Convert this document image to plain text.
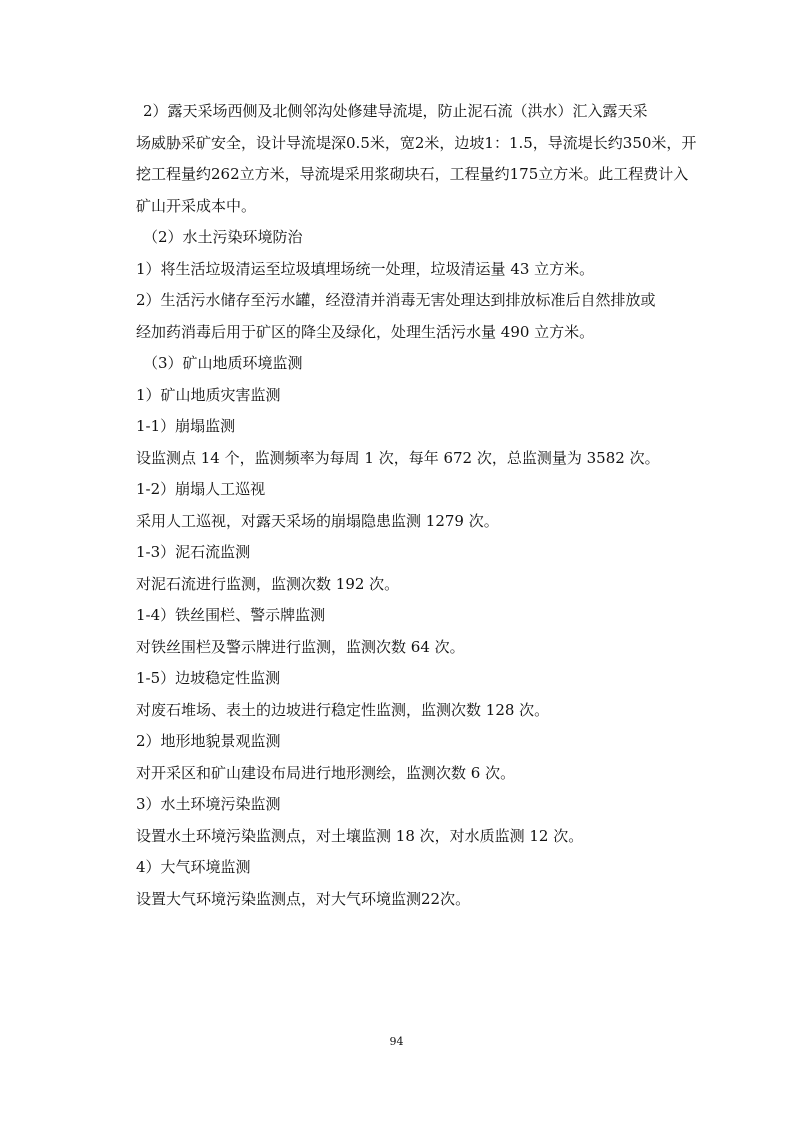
2）露天采场西侧及北侧邻沟处修建导流堤，防止泥石流（洪水）汇入露天采
场威胁采矿安全，设计导流堤深0.5米，宽2米，边坡1：1.5，导流堤长约350米，开
挖工程量约262立方米，导流堤采用浆砌块石，工程量约175立方米。此工程费计入
矿山开采成本中。
（2）水土污染环境防治
1）将生活垃圾清运至垃圾填埋场统一处理，垃圾清运量 43 立方米。
2）生活污水储存至污水罐，经澄清并消毒无害处理达到排放标准后自然排放或
经加药消毒后用于矿区的降尘及绿化，处理生活污水量 490 立方米。
（3）矿山地质环境监测
1）矿山地质灾害监测
1-1）崩塌监测
设监测点 14 个，监测频率为每周 1 次，每年 672 次，总监测量为 3582 次。
1-2）崩塌人工巡视
采用人工巡视，对露天采场的崩塌隐患监测 1279 次。
1-3）泥石流监测
对泥石流进行监测，监测次数 192 次。
1-4）铁丝围栏、警示牌监测
对铁丝围栏及警示牌进行监测，监测次数 64 次。
1-5）边坡稳定性监测
对废石堆场、表土的边坡进行稳定性监测，监测次数 128 次。
2）地形地貌景观监测
对开采区和矿山建设布局进行地形测绘，监测次数 6 次。
3）水土环境污染监测
设置水土环境污染监测点，对土壤监测 18 次，对水质监测 12 次。
4）大气环境监测
设置大气环境污染监测点，对大气环境监测22次。
94
